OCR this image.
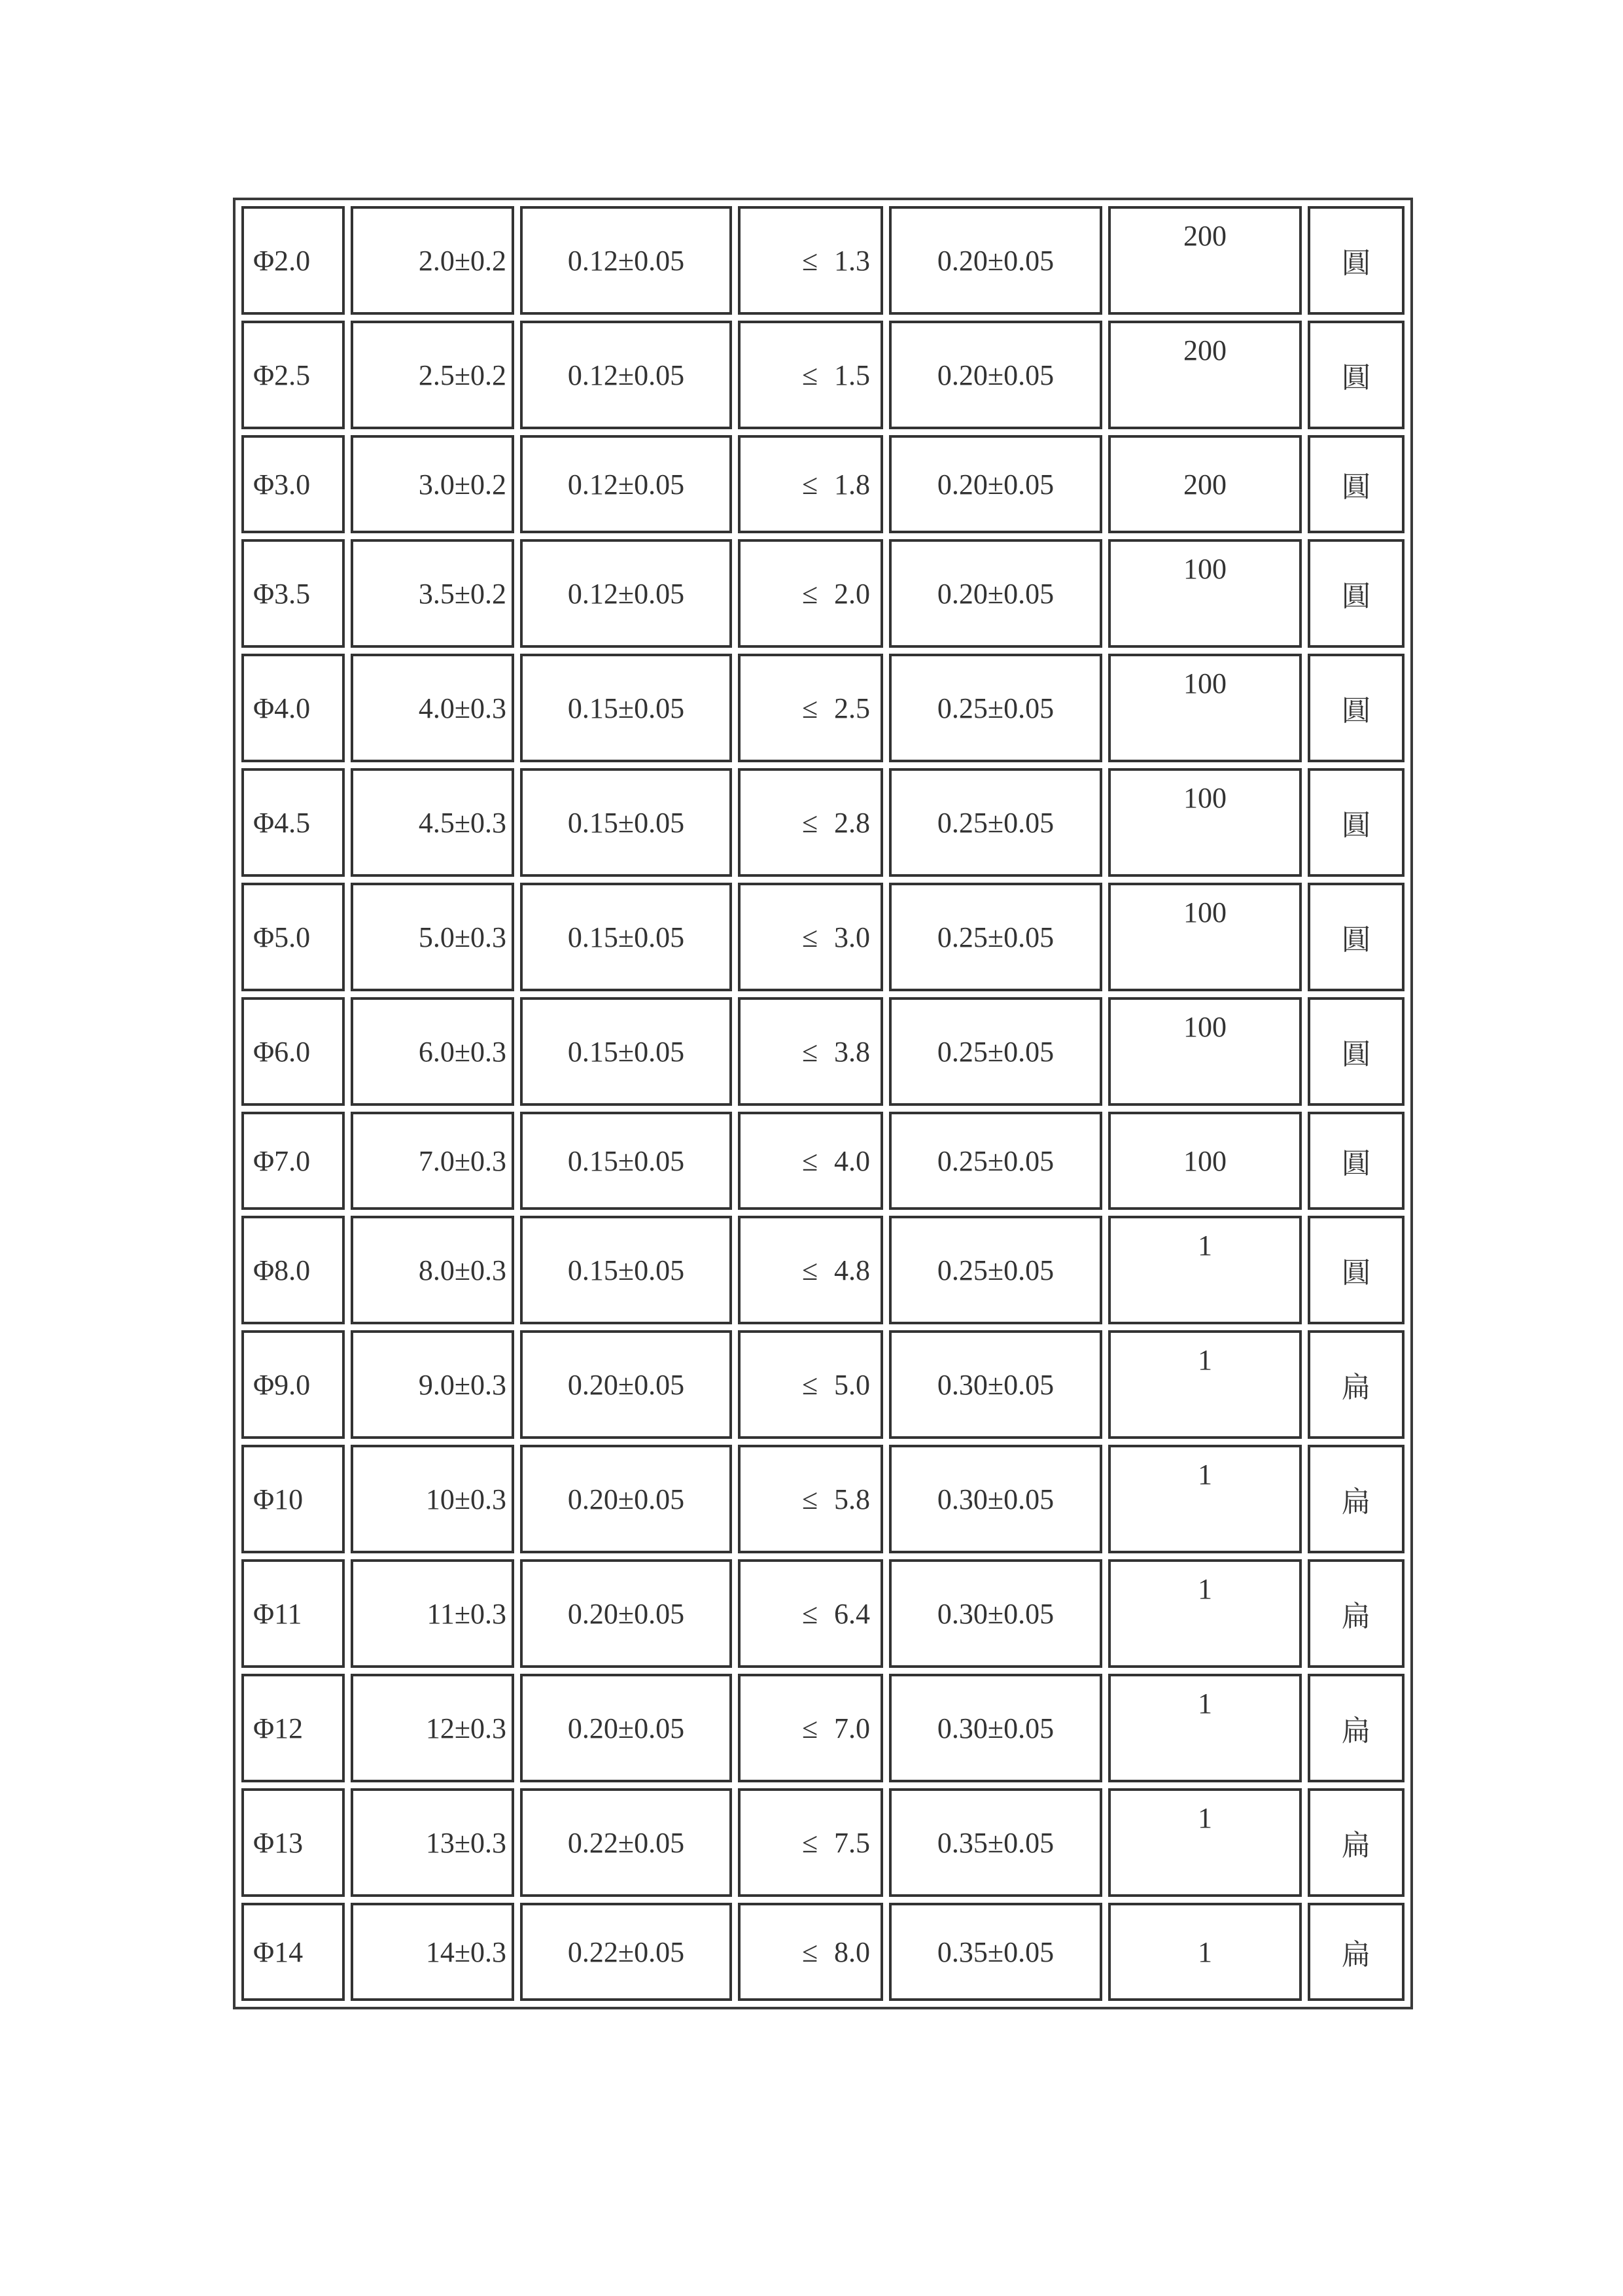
Φ2.0	2.0±0.2	0.12±0.05	≤ 1.3	0.20±0.05	200	圓
Φ2.5	2.5±0.2	0.12±0.05	≤ 1.5	0.20±0.05	200	圓
Φ3.0	3.0±0.2	0.12±0.05	≤ 1.8	0.20±0.05	200	圓
Φ3.5	3.5±0.2	0.12±0.05	≤ 2.0	0.20±0.05	100	圓
Φ4.0	4.0±0.3	0.15±0.05	≤ 2.5	0.25±0.05	100	圓
Φ4.5	4.5±0.3	0.15±0.05	≤ 2.8	0.25±0.05	100	圓
Φ5.0	5.0±0.3	0.15±0.05	≤ 3.0	0.25±0.05	100	圓
Φ6.0	6.0±0.3	0.15±0.05	≤ 3.8	0.25±0.05	100	圓
Φ7.0	7.0±0.3	0.15±0.05	≤ 4.0	0.25±0.05	100	圓
Φ8.0	8.0±0.3	0.15±0.05	≤ 4.8	0.25±0.05	1	圓
Φ9.0	9.0±0.3	0.20±0.05	≤ 5.0	0.30±0.05	1	扁
Φ10	10±0.3	0.20±0.05	≤ 5.8	0.30±0.05	1	扁
Φ11	11±0.3	0.20±0.05	≤ 6.4	0.30±0.05	1	扁
Φ12	12±0.3	0.20±0.05	≤ 7.0	0.30±0.05	1	扁
Φ13	13±0.3	0.22±0.05	≤ 7.5	0.35±0.05	1	扁
Φ14	14±0.3	0.22±0.05	≤ 8.0	0.35±0.05	1	扁
